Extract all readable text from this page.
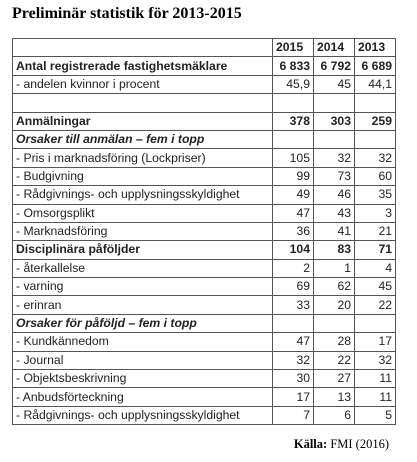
Preliminär statistik för 2013-2015
	2015	2014	2013
Antal registrerade fastighetsmäklare	6 833	6 792	6 689
- andelen kvinnor i procent	45,9	45	44,1

Anmälningar	378	303	259
Orsaker till anmälan – fem i topp			
- Pris i marknadsföring (Lockpriser)	105	32	32
- Budgivning	99	73	60
- Rådgivnings- och upplysningsskyldighet	49	46	35
- Omsorgsplikt	47	43	3
- Marknadsföring	36	41	21
Disciplinära påföljder	104	83	71
- återkallelse	2	1	4
- varning	69	62	45
- erinran	33	20	22
Orsaker för påföljd – fem i topp			
- Kundkännedom	47	28	17
- Journal	32	22	32
- Objektsbeskrivning	30	27	11
- Anbudsförteckning	17	13	11
- Rådgivnings- och upplysningsskyldighet	7	6	5
Källa: FMI (2016)
